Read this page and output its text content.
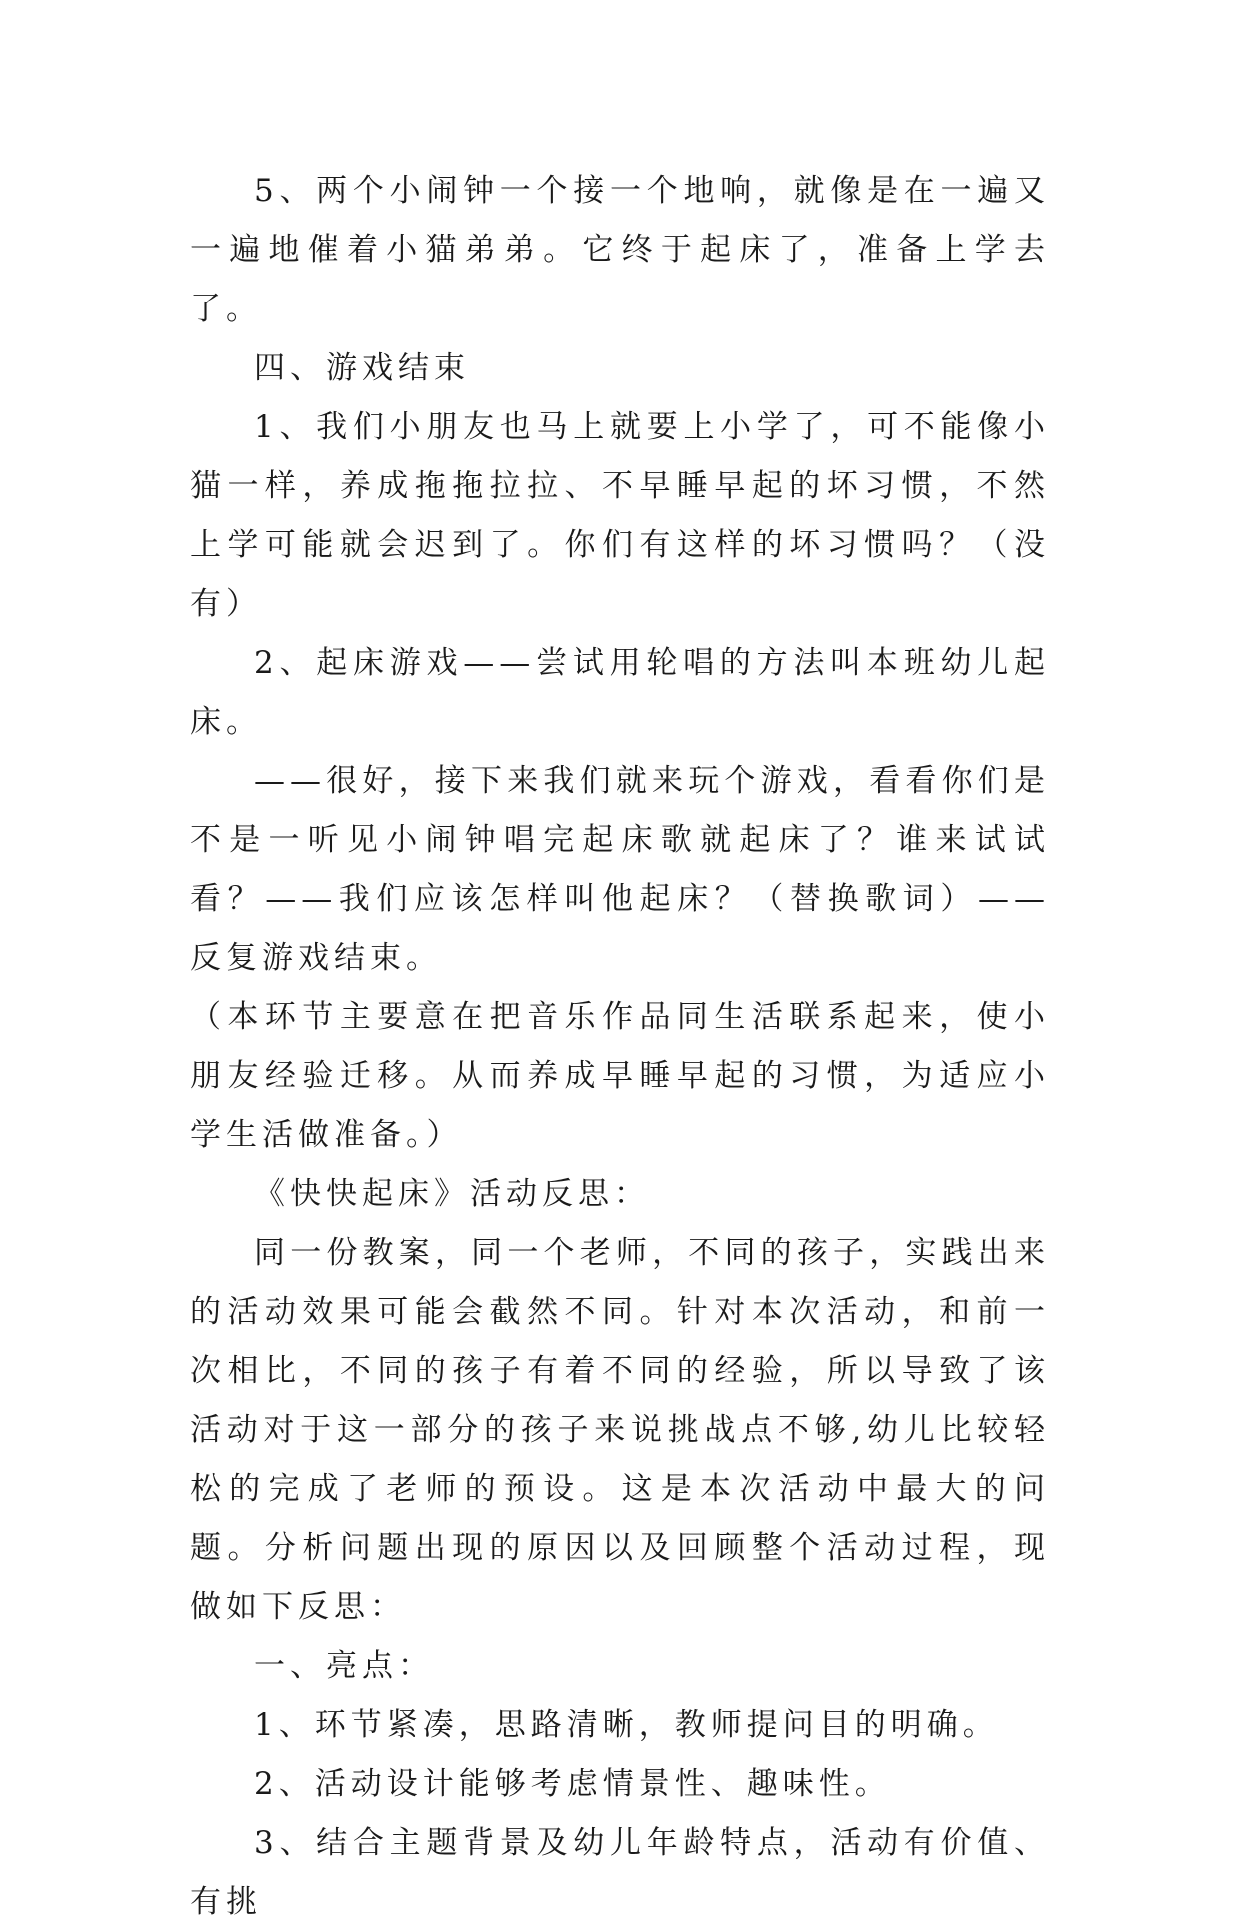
5、两个小闹钟一个接一个地响，就像是在一遍又一遍地催着小猫弟弟。它终于起床了，准备上学去了。

四、游戏结束

1、我们小朋友也马上就要上小学了，可不能像小猫一样，养成拖拖拉拉、不早睡早起的坏习惯，不然上学可能就会迟到了。你们有这样的坏习惯吗？（没有）

2、起床游戏——尝试用轮唱的方法叫本班幼儿起床。

——很好，接下来我们就来玩个游戏，看看你们是不是一听见小闹钟唱完起床歌就起床了？谁来试试看？——我们应该怎样叫他起床？（替换歌词）——反复游戏结束。

（本环节主要意在把音乐作品同生活联系起来，使小朋友经验迁移。从而养成早睡早起的习惯，为适应小学生活做准备。）

《快快起床》活动反思：

同一份教案，同一个老师，不同的孩子，实践出来的活动效果可能会截然不同。针对本次活动，和前一次相比，不同的孩子有着不同的经验，所以导致了该活动对于这一部分的孩子来说挑战点不够,幼儿比较轻松的完成了老师的预设。这是本次活动中最大的问题。分析问题出现的原因以及回顾整个活动过程，现做如下反思：

一、亮点：

1、环节紧凑，思路清晰，教师提问目的明确。

2、活动设计能够考虑情景性、趣味性。

3、结合主题背景及幼儿年龄特点，活动有价值、有挑
